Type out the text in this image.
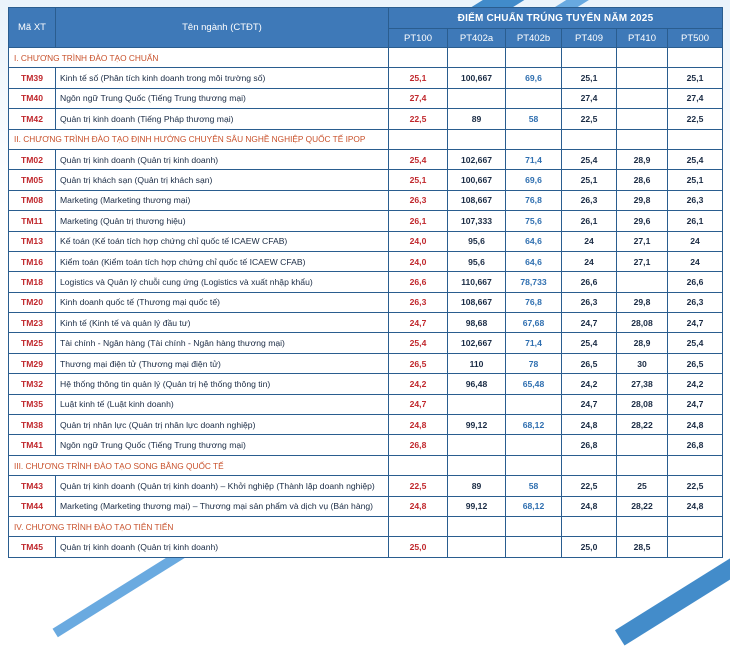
Mã XT	Tên ngành (CTĐT)	ĐIỂM CHUẨN TRÚNG TUYỂN NĂM 2025					
		PT100	PT402a	PT402b	PT409	PT410	PT500
I. CHƯƠNG TRÌNH ĐÀO TẠO CHUẨN							
TM39	Kinh tế số (Phân tích kinh doanh trong môi trường số)	25,1	100,667	69,6	25,1		25,1
TM40	Ngôn ngữ Trung Quốc (Tiếng Trung thương mại)	27,4			27,4		27,4
TM42	Quản trị kinh doanh (Tiếng Pháp thương mại)	22,5	89	58	22,5		22,5
II. CHƯƠNG TRÌNH ĐÀO TẠO ĐỊNH HƯỚNG CHUYÊN SÂU NGHỀ NGHIỆP QUỐC TẾ IPOP							
TM02	Quản trị kinh doanh (Quản trị kinh doanh)	25,4	102,667	71,4	25,4	28,9	25,4
TM05	Quản trị khách sạn (Quản trị khách sạn)	25,1	100,667	69,6	25,1	28,6	25,1
TM08	Marketing (Marketing thương mại)	26,3	108,667	76,8	26,3	29,8	26,3
TM11	Marketing (Quản trị thương hiệu)	26,1	107,333	75,6	26,1	29,6	26,1
TM13	Kế toán (Kế toán tích hợp chứng chỉ quốc tế ICAEW CFAB)	24,0	95,6	64,6	24	27,1	24
TM16	Kiểm toán (Kiểm toán tích hợp chứng chỉ quốc tế ICAEW CFAB)	24,0	95,6	64,6	24	27,1	24
TM18	Logistics và Quản lý chuỗi cung ứng (Logistics và xuất nhập khẩu)	26,6	110,667	78,733	26,6		26,6
TM20	Kinh doanh quốc tế (Thương mại quốc tế)	26,3	108,667	76,8	26,3	29,8	26,3
TM23	Kinh tế (Kinh tế và quản lý đầu tư)	24,7	98,68	67,68	24,7	28,08	24,7
TM25	Tài chính - Ngân hàng (Tài chính - Ngân hàng thương mại)	25,4	102,667	71,4	25,4	28,9	25,4
TM29	Thương mại điện tử (Thương mại điện tử)	26,5	110	78	26,5	30	26,5
TM32	Hệ thống thông tin quản lý (Quản trị hệ thống thông tin)	24,2	96,48	65,48	24,2	27,38	24,2
TM35	Luật kinh tế (Luật kinh doanh)	24,7			24,7	28,08	24,7
TM38	Quản trị nhân lực (Quản trị nhân lực doanh nghiệp)	24,8	99,12	68,12	24,8	28,22	24,8
TM41	Ngôn ngữ Trung Quốc (Tiếng Trung thương mại)	26,8			26,8		26,8
III. CHƯƠNG TRÌNH ĐÀO TẠO SONG BẰNG QUỐC TẾ							
TM43	Quản trị kinh doanh (Quản trị kinh doanh) – Khởi nghiệp (Thành lập doanh nghiệp)	22,5	89	58	22,5	25	22,5
TM44	Marketing (Marketing thương mại) – Thương mại sản phẩm và dịch vụ (Bán hàng)	24,8	99,12	68,12	24,8	28,22	24,8
IV. CHƯƠNG TRÌNH ĐÀO TẠO TIÊN TIẾN							
TM45	Quản trị kinh doanh (Quản trị kinh doanh)	25,0			25,0	28,5	
